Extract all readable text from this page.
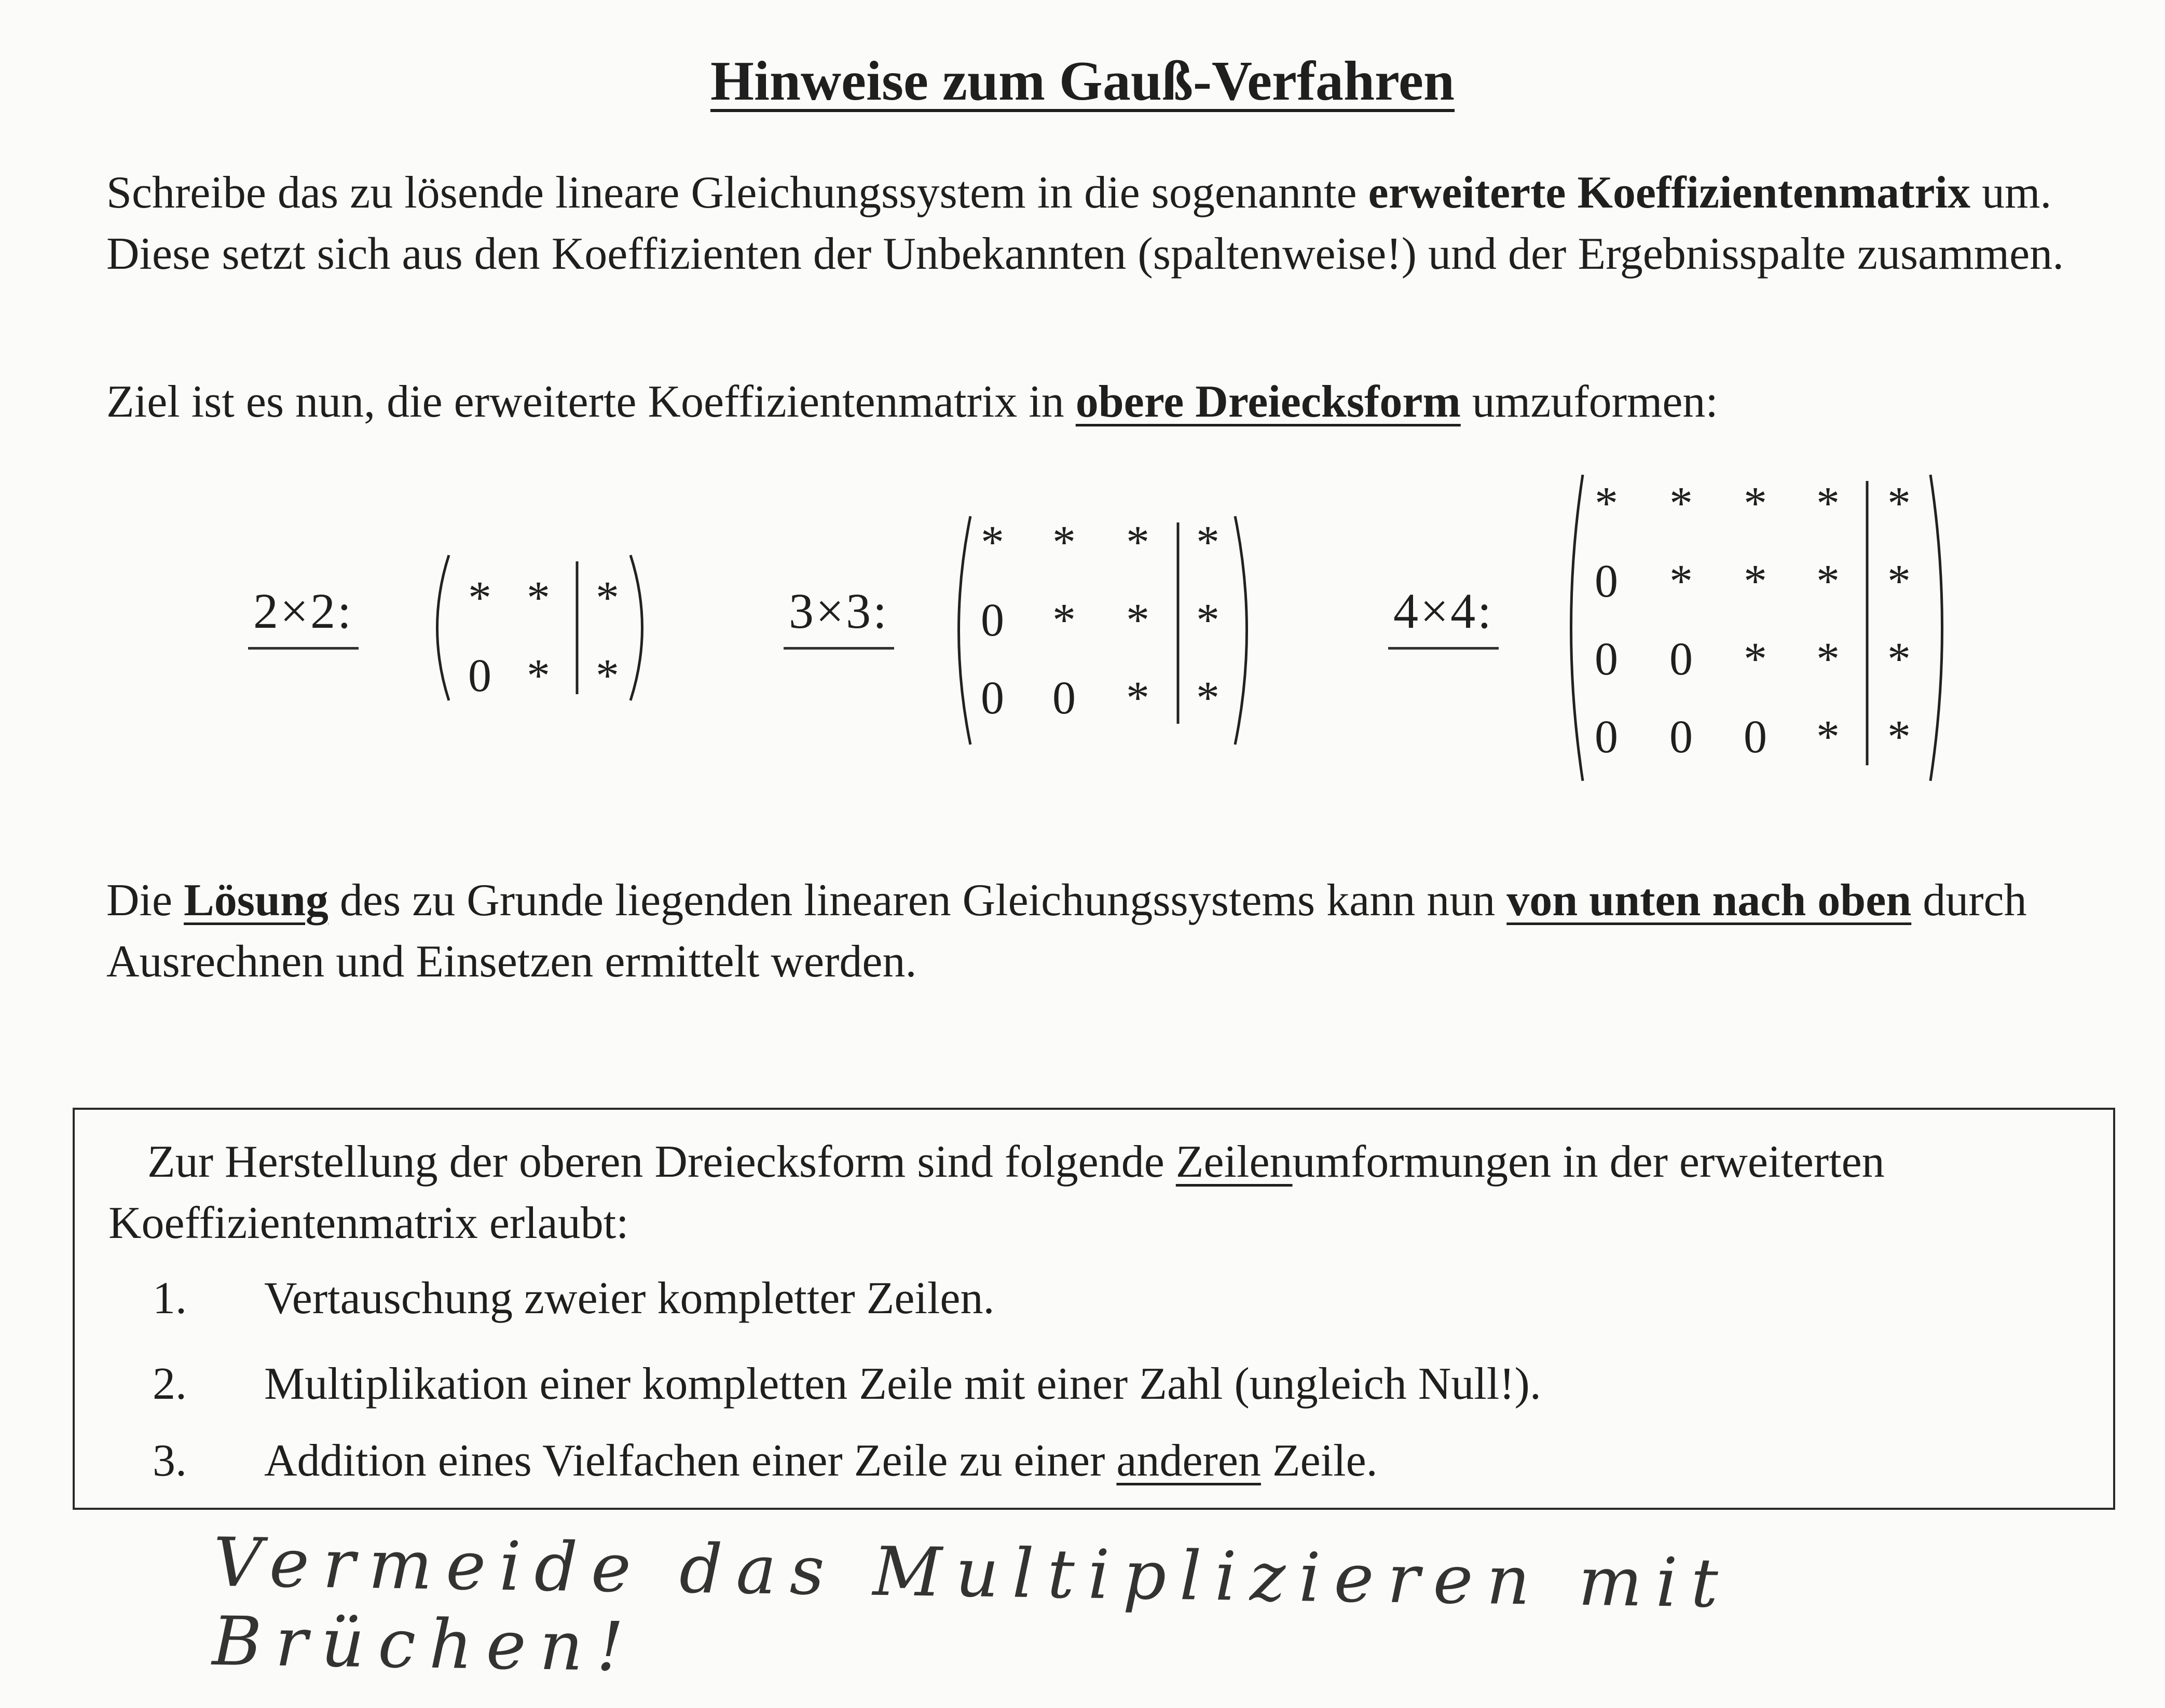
Hinweise zum Gauß-Verfahren

Schreibe das zu lösende lineare Gleichungssystem in die sogenannte erweiterte Koeffizientenmatrix um. Diese setzt sich aus den Koeffizienten der Unbekannten (spaltenweise!) und der Ergebnisspalte zusammen.

Ziel ist es nun, die erweiterte Koeffizientenmatrix in obere Dreiecksform umzuformen:

2×2:	3×3:	4×4:
* * *
0 * *
* * * *
0 * * *
0 0 * *
* * * * *
0 * * * *
0 0 * * *
0 0 0 * *

Die Lösung des zu Grunde liegenden linearen Gleichungssystems kann nun von unten nach oben durch Ausrechnen und Einsetzen ermittelt werden.

Zur Herstellung der oberen Dreiecksform sind folgende Zeilenumformungen in der erweiterten Koeffizientenmatrix erlaubt:

1. Vertauschung zweier kompletter Zeilen.
2. Multiplikation einer kompletten Zeile mit einer Zahl (ungleich Null!).
3. Addition eines Vielfachen einer Zeile zu einer anderen Zeile.

Vermeide das Multiplizieren mit Brüchen!
